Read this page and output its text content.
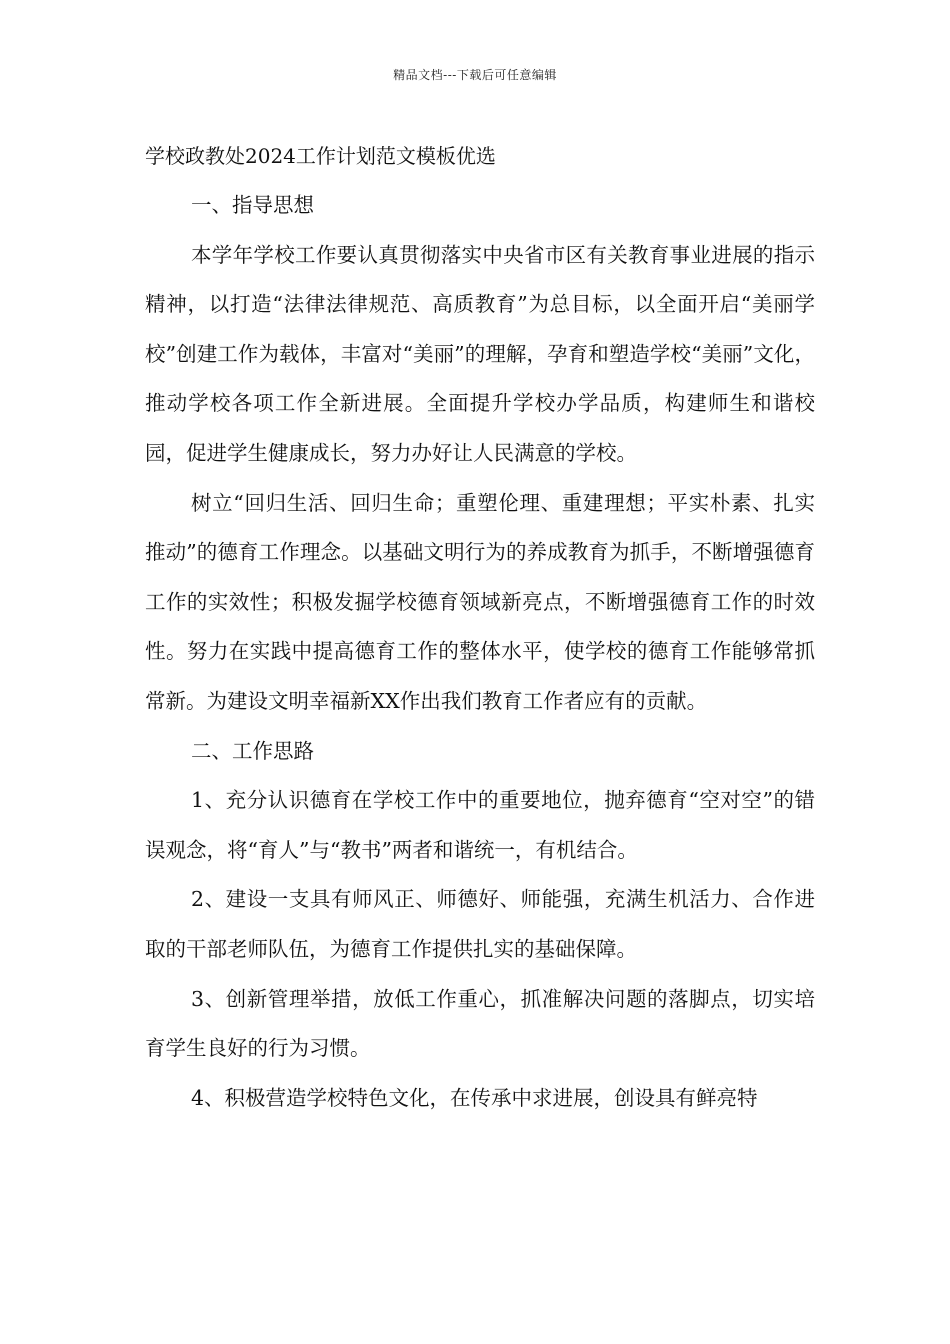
精品文档---下载后可任意编辑
学校政教处2024工作计划范文模板优选

一、指导思想

本学年学校工作要认真贯彻落实中央省市区有关教育事业进展的指示精神，以打造“法律法律规范、高质教育”为总目标，以全面开启“美丽学校”创建工作为载体，丰富对“美丽”的理解，孕育和塑造学校“美丽”文化，推动学校各项工作全新进展。全面提升学校办学品质，构建师生和谐校园，促进学生健康成长，努力办好让人民满意的学校。

树立“回归生活、回归生命；重塑伦理、重建理想；平实朴素、扎实推动”的德育工作理念。以基础文明行为的养成教育为抓手，不断增强德育工作的实效性；积极发掘学校德育领域新亮点，不断增强德育工作的时效性。努力在实践中提高德育工作的整体水平，使学校的德育工作能够常抓常新。为建设文明幸福新XX作出我们教育工作者应有的贡献。

二、工作思路

1、充分认识德育在学校工作中的重要地位，抛弃德育“空对空”的错误观念，将“育人”与“教书”两者和谐统一，有机结合。

2、建设一支具有师风正、师德好、师能强，充满生机活力、合作进取的干部老师队伍，为德育工作提供扎实的基础保障。

3、创新管理举措，放低工作重心，抓准解决问题的落脚点，切实培育学生良好的行为习惯。

4、积极营造学校特色文化，在传承中求进展，创设具有鲜亮特
